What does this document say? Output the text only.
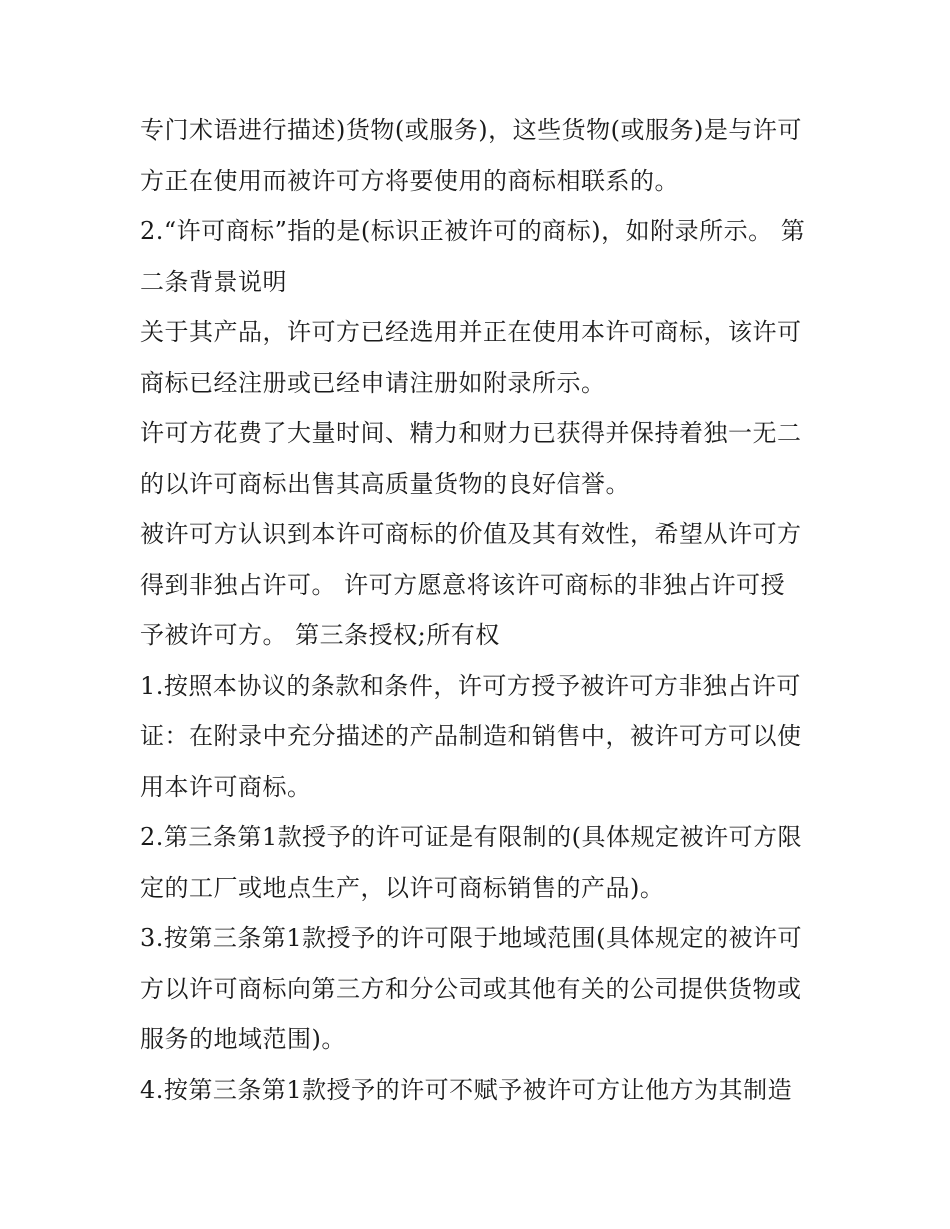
专门术语进行描述)货物(或服务)，这些货物(或服务)是与许可
方正在使用而被许可方将要使用的商标相联系的。
2.“许可商标”指的是(标识正被许可的商标)，如附录所示。 第
二条背景说明
关于其产品，许可方已经选用并正在使用本许可商标，该许可
商标已经注册或已经申请注册如附录所示。
许可方花费了大量时间、精力和财力已获得并保持着独一无二
的以许可商标出售其高质量货物的良好信誉。
被许可方认识到本许可商标的价值及其有效性，希望从许可方
得到非独占许可。 许可方愿意将该许可商标的非独占许可授
予被许可方。 第三条授权;所有权
1.按照本协议的条款和条件，许可方授予被许可方非独占许可
证：在附录中充分描述的产品制造和销售中，被许可方可以使
用本许可商标。
2.第三条第1款授予的许可证是有限制的(具体规定被许可方限
定的工厂或地点生产，以许可商标销售的产品)。
3.按第三条第1款授予的许可限于地域范围(具体规定的被许可
方以许可商标向第三方和分公司或其他有关的公司提供货物或
服务的地域范围)。
4.按第三条第1款授予的许可不赋予被许可方让他方为其制造
